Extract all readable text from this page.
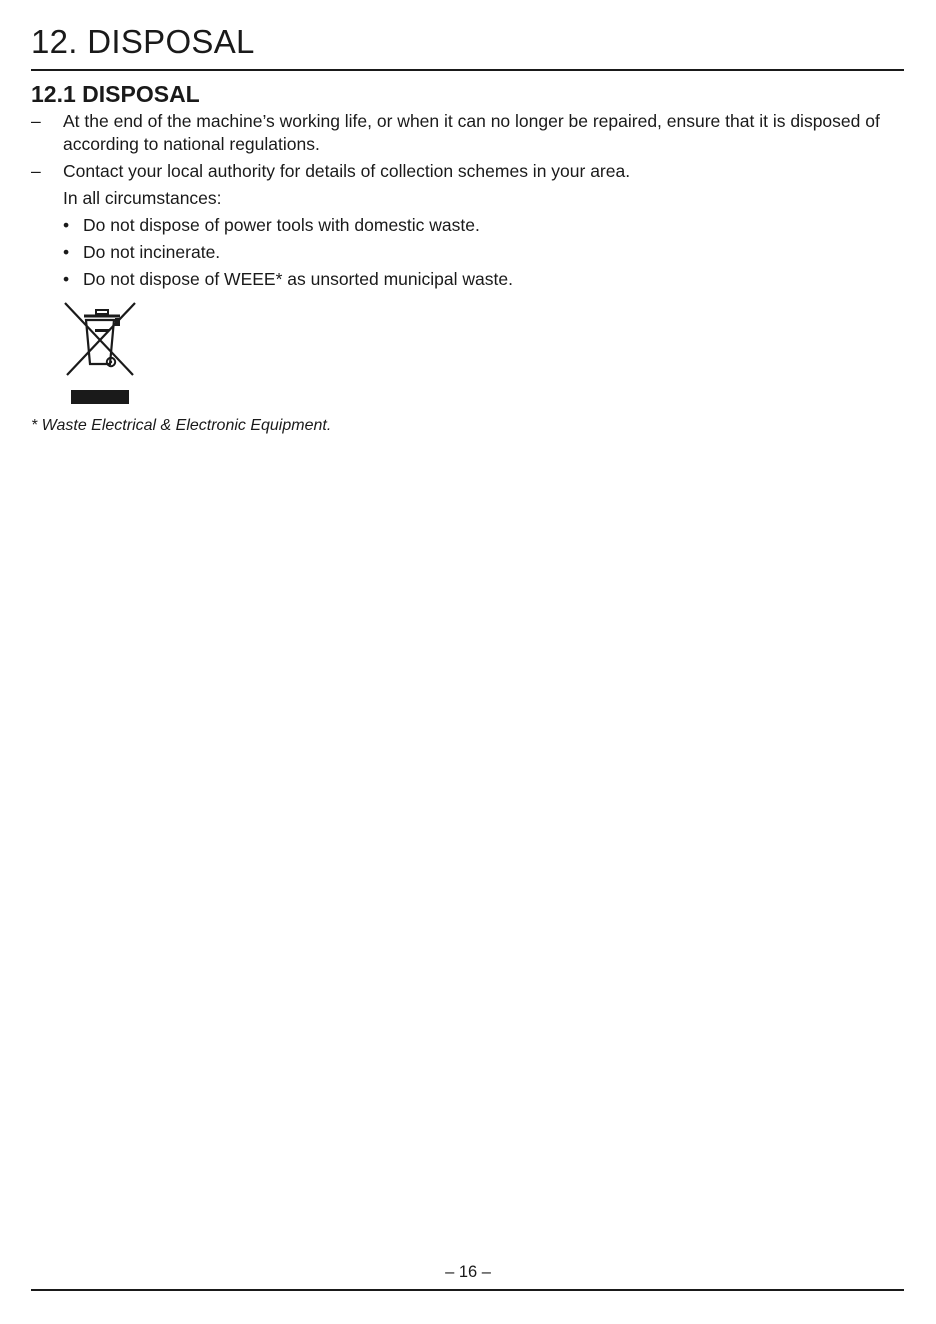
12. DISPOSAL
12.1 DISPOSAL
– At the end of the machine’s working life, or when it can no longer be repaired, ensure that it is disposed of according to national regulations.
– Contact your local authority for details of collection schemes in your area.
In all circumstances:
• Do not dispose of power tools with domestic waste.
• Do not incinerate.
• Do not dispose of WEEE* as unsorted municipal waste.
* Waste Electrical & Electronic Equipment.
– 16 –
